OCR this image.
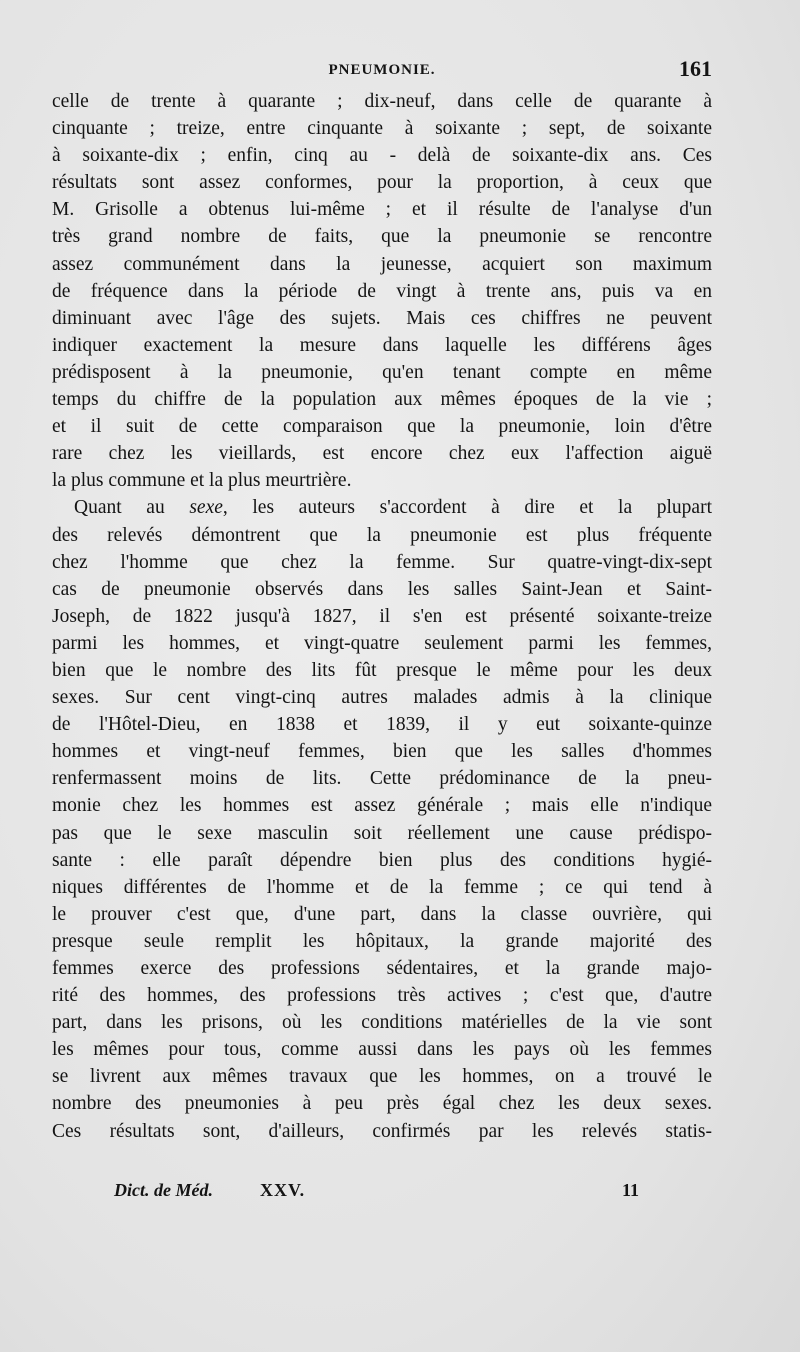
PNEUMONIE.	161
celle de trente à quarante ; dix-neuf, dans celle de quarante à
cinquante ; treize, entre cinquante à soixante ; sept, de soixante
à soixante-dix ; enfin, cinq au - delà de soixante-dix ans. Ces
résultats sont assez conformes, pour la proportion, à ceux que
M. Grisolle a obtenus lui-même ; et il résulte de l'analyse d'un
très grand nombre de faits, que la pneumonie se rencontre
assez communément dans la jeunesse, acquiert son maximum
de fréquence dans la période de vingt à trente ans, puis va en
diminuant avec l'âge des sujets. Mais ces chiffres ne peuvent
indiquer exactement la mesure dans laquelle les différens âges
prédisposent à la pneumonie, qu'en tenant compte en même
temps du chiffre de la population aux mêmes époques de la vie ;
et il suit de cette comparaison que la pneumonie, loin d'être
rare chez les vieillards, est encore chez eux l'affection aiguë
la plus commune et la plus meurtrière.
Quant au sexe, les auteurs s'accordent à dire et la plupart
des relevés démontrent que la pneumonie est plus fréquente
chez l'homme que chez la femme. Sur quatre-vingt-dix-sept
cas de pneumonie observés dans les salles Saint-Jean et Saint-
Joseph, de 1822 jusqu'à 1827, il s'en est présenté soixante-treize
parmi les hommes, et vingt-quatre seulement parmi les femmes,
bien que le nombre des lits fût presque le même pour les deux
sexes. Sur cent vingt-cinq autres malades admis à la clinique
de l'Hôtel-Dieu, en 1838 et 1839, il y eut soixante-quinze
hommes et vingt-neuf femmes, bien que les salles d'hommes
renfermassent moins de lits. Cette prédominance de la pneu-
monie chez les hommes est assez générale ; mais elle n'indique
pas que le sexe masculin soit réellement une cause prédispo-
sante : elle paraît dépendre bien plus des conditions hygié-
niques différentes de l'homme et de la femme ; ce qui tend à
le prouver c'est que, d'une part, dans la classe ouvrière, qui
presque seule remplit les hôpitaux, la grande majorité des
femmes exerce des professions sédentaires, et la grande majo-
rité des hommes, des professions très actives ; c'est que, d'autre
part, dans les prisons, où les conditions matérielles de la vie sont
les mêmes pour tous, comme aussi dans les pays où les femmes
se livrent aux mêmes travaux que les hommes, on a trouvé le
nombre des pneumonies à peu près égal chez les deux sexes.
Ces résultats sont, d'ailleurs, confirmés par les relevés statis-
Dict. de Méd.	XXV.	11
